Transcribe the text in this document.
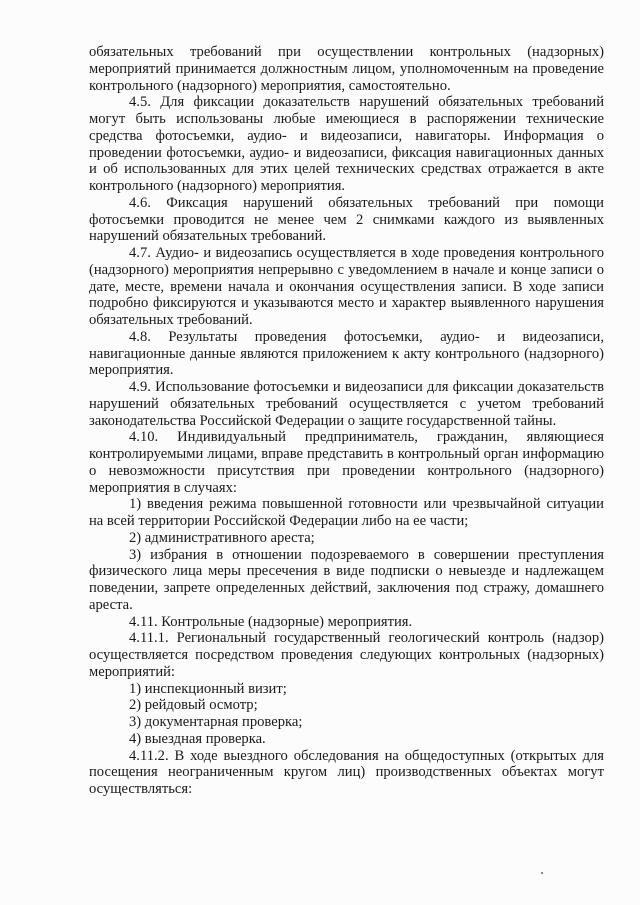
обязательных требований при осуществлении контрольных (надзорных) мероприятий принимается должностным лицом, уполномоченным на проведение контрольного (надзорного) мероприятия, самостоятельно.

4.5. Для фиксации доказательств нарушений обязательных требований могут быть использованы любые имеющиеся в распоряжении технические средства фотосъемки, аудио- и видеозаписи, навигаторы. Информация о проведении фотосъемки, аудио- и видеозаписи, фиксация навигационных данных и об использованных для этих целей технических средствах отражается в акте контрольного (надзорного) мероприятия.

4.6. Фиксация нарушений обязательных требований при помощи фотосъемки проводится не менее чем 2 снимками каждого из выявленных нарушений обязательных требований.

4.7. Аудио- и видеозапись осуществляется в ходе проведения контрольного (надзорного) мероприятия непрерывно с уведомлением в начале и конце записи о дате, месте, времени начала и окончания осуществления записи. В ходе записи подробно фиксируются и указываются место и характер выявленного нарушения обязательных требований.

4.8. Результаты проведения фотосъемки, аудио- и видеозаписи, навигационные данные являются приложением к акту контрольного (надзорного) мероприятия.

4.9. Использование фотосъемки и видеозаписи для фиксации доказательств нарушений обязательных требований осуществляется с учетом требований законодательства Российской Федерации о защите государственной тайны.

4.10. Индивидуальный предприниматель, гражданин, являющиеся контролируемыми лицами, вправе представить в контрольный орган информацию о невозможности присутствия при проведении контрольного (надзорного) мероприятия в случаях:

1) введения режима повышенной готовности или чрезвычайной ситуации на всей территории Российской Федерации либо на ее части;

2) административного ареста;

3) избрания в отношении подозреваемого в совершении преступления физического лица меры пресечения в виде подписки о невыезде и надлежащем поведении, запрете определенных действий, заключения под стражу, домашнего ареста.

4.11. Контрольные (надзорные) мероприятия.

4.11.1. Региональный государственный геологический контроль (надзор) осуществляется посредством проведения следующих контрольных (надзорных) мероприятий:

1) инспекционный визит;

2) рейдовый осмотр;

3) документарная проверка;

4) выездная проверка.

4.11.2. В ходе выездного обследования на общедоступных (открытых для посещения неограниченным кругом лиц) производственных объектах могут осуществляться:
